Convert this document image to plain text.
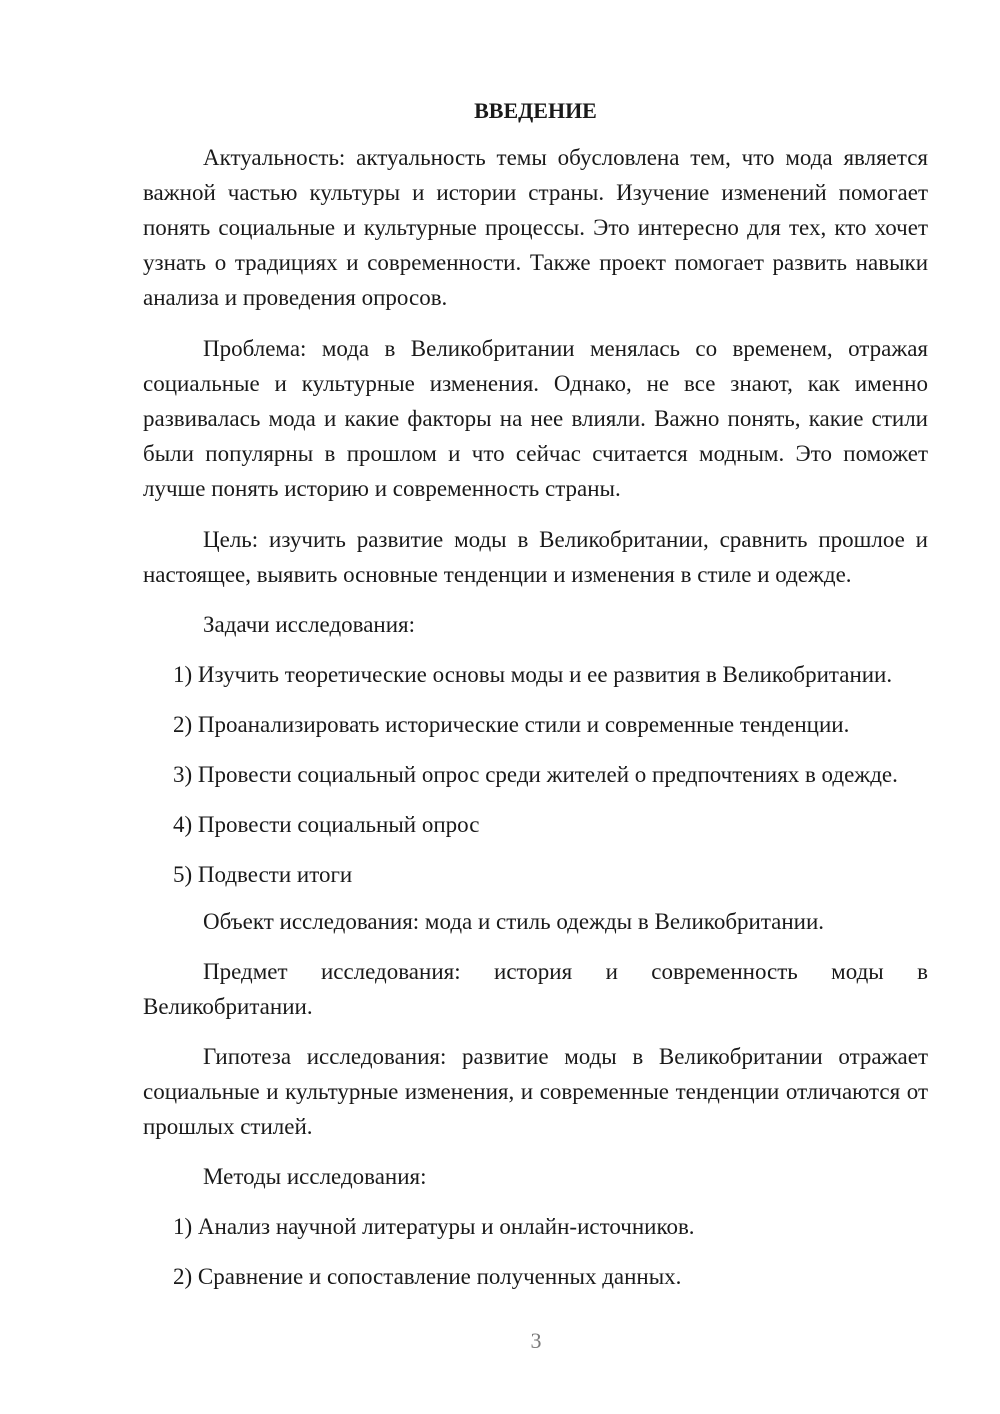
ВВЕДЕНИЕ

Актуальность: актуальность темы обусловлена тем, что мода является важной частью культуры и истории страны. Изучение изменений помогает понять социальные и культурные процессы. Это интересно для тех, кто хочет узнать о традициях и современности. Также проект помогает развить навыки анализа и проведения опросов.

Проблема: мода в Великобритании менялась со временем, отражая социальные и культурные изменения. Однако, не все знают, как именно развивалась мода и какие факторы на нее влияли. Важно понять, какие стили были популярны в прошлом и что сейчас считается модным. Это поможет лучше понять историю и современность страны.

Цель: изучить развитие моды в Великобритании, сравнить прошлое и настоящее, выявить основные тенденции и изменения в стиле и одежде.

Задачи исследования:

1) Изучить теоретические основы моды и ее развития в Великобритании.

2) Проанализировать исторические стили и современные тенденции.

3) Провести социальный опрос среди жителей о предпочтениях в одежде.

4) Провести социальный опрос

5) Подвести итоги

Объект исследования: мода и стиль одежды в Великобритании.

Предмет исследования: история и современность моды в Великобритании.

Гипотеза исследования: развитие моды в Великобритании отражает социальные и культурные изменения, и современные тенденции отличаются от прошлых стилей.

Методы исследования:

1) Анализ научной литературы и онлайн-источников.

2) Сравнение и сопоставление полученных данных.

3
